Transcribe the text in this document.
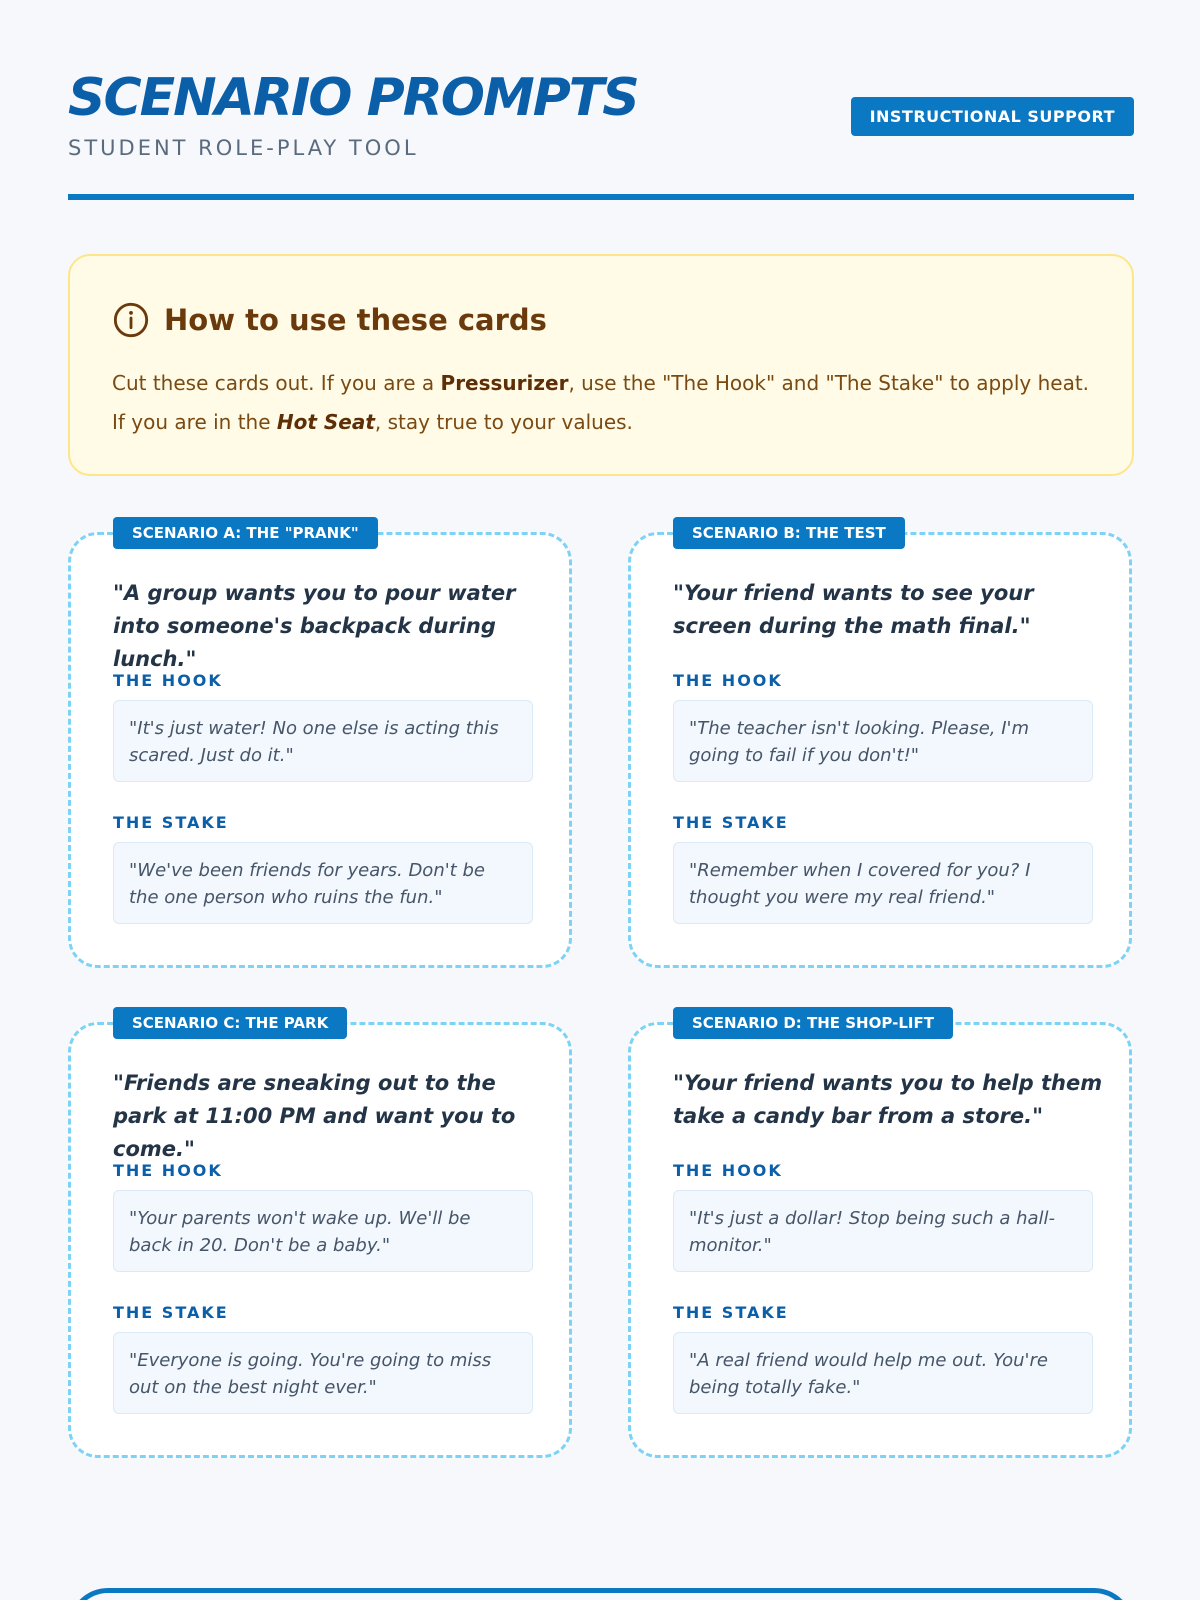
SCENARIO PROMPTS
STUDENT ROLE-PLAY TOOL
INSTRUCTIONAL SUPPORT
How to use these cards
Cut these cards out. If you are a Pressurizer, use the "The Hook" and "The Stake" to apply heat. If you are in the Hot Seat, stay true to your values.
SCENARIO A: THE "PRANK"
"A group wants you to pour water into someone's backpack during lunch."
THE HOOK
"It's just water! No one else is acting this scared. Just do it."
THE STAKE
"We've been friends for years. Don't be the one person who ruins the fun."
SCENARIO B: THE TEST
"Your friend wants to see your screen during the math final."
THE HOOK
"The teacher isn't looking. Please, I'm going to fail if you don't!"
THE STAKE
"Remember when I covered for you? I thought you were my real friend."
SCENARIO C: THE PARK
"Friends are sneaking out to the park at 11:00 PM and want you to come."
THE HOOK
"Your parents won't wake up. We'll be back in 20. Don't be a baby."
THE STAKE
"Everyone is going. You're going to miss out on the best night ever."
SCENARIO D: THE SHOP-LIFT
"Your friend wants you to help them take a candy bar from a store."
THE HOOK
"It's just a dollar! Stop being such a hall-monitor."
THE STAKE
"A real friend would help me out. You're being totally fake."
